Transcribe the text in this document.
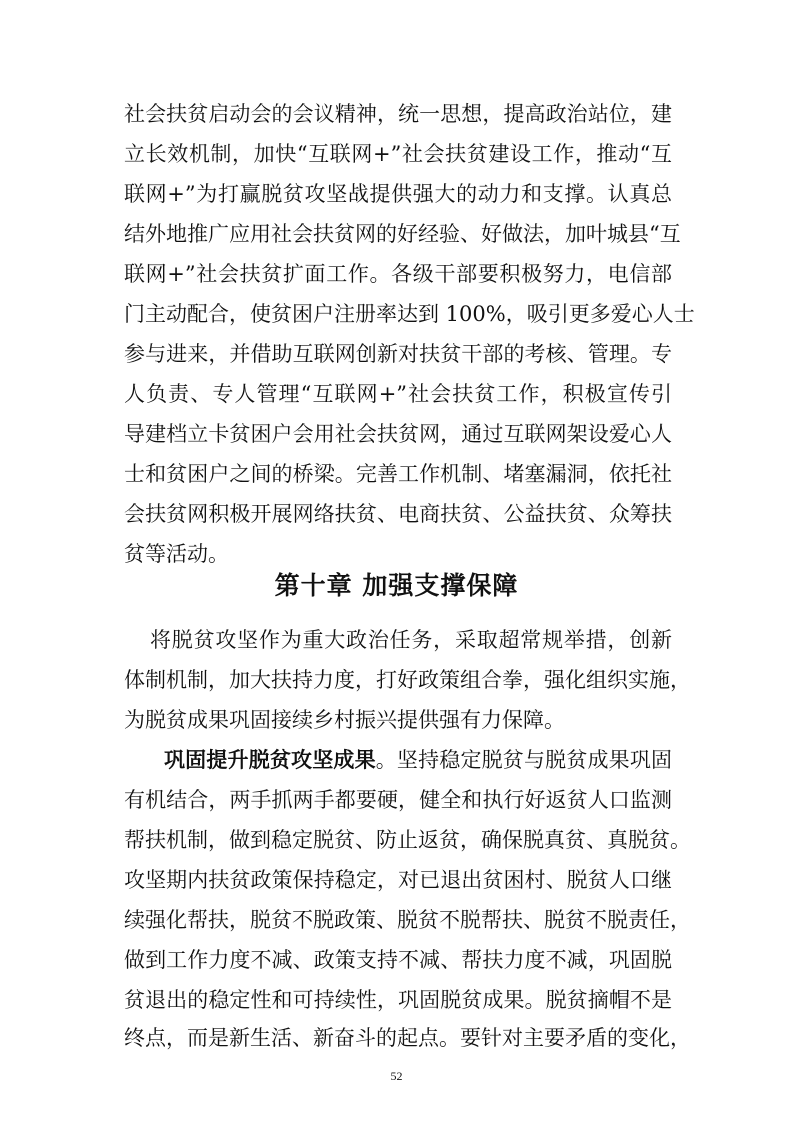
社会扶贫启动会的会议精神，统一思想，提高政治站位，建
立长效机制，加快“互联网+”社会扶贫建设工作，推动“互
联网+”为打赢脱贫攻坚战提供强大的动力和支撑。认真总
结外地推广应用社会扶贫网的好经验、好做法，加叶城县“互
联网+”社会扶贫扩面工作。各级干部要积极努力，电信部
门主动配合，使贫困户注册率达到 100%，吸引更多爱心人士
参与进来，并借助互联网创新对扶贫干部的考核、管理。专
人负责、专人管理“互联网+”社会扶贫工作，积极宣传引
导建档立卡贫困户会用社会扶贫网，通过互联网架设爱心人
士和贫困户之间的桥梁。完善工作机制、堵塞漏洞，依托社
会扶贫网积极开展网络扶贫、电商扶贫、公益扶贫、众筹扶
贫等活动。
第十章 加强支撑保障
将脱贫攻坚作为重大政治任务，采取超常规举措，创新
体制机制，加大扶持力度，打好政策组合拳，强化组织实施，
为脱贫成果巩固接续乡村振兴提供强有力保障。
巩固提升脱贫攻坚成果。坚持稳定脱贫与脱贫成果巩固
有机结合，两手抓两手都要硬，健全和执行好返贫人口监测
帮扶机制，做到稳定脱贫、防止返贫，确保脱真贫、真脱贫。
攻坚期内扶贫政策保持稳定，对已退出贫困村、脱贫人口继
续强化帮扶，脱贫不脱政策、脱贫不脱帮扶、脱贫不脱责任，
做到工作力度不减、政策支持不减、帮扶力度不减，巩固脱
贫退出的稳定性和可持续性，巩固脱贫成果。脱贫摘帽不是
52
终点，而是新生活、新奋斗的起点。要针对主要矛盾的变化，
